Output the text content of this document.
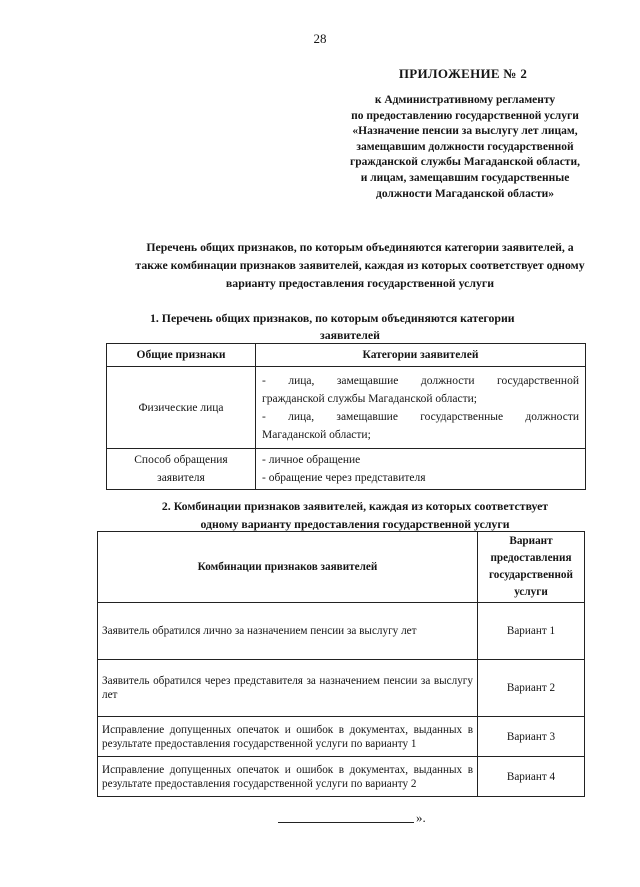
28
ПРИЛОЖЕНИЕ № 2
к Административному регламенту
по предоставлению государственной услуги
«Назначение пенсии за выслугу лет лицам,
замещавшим должности государственной
гражданской службы Магаданской области,
и лицам, замещавшим государственные
должности Магаданской области»
Перечень общих признаков, по которым объединяются категории заявителей, а
также комбинации признаков заявителей, каждая из которых соответствует одному
варианту предоставления государственной услуги
1. Перечень общих признаков, по которым объединяются категории
заявителей
Общие признаки	Категории заявителей
Физические лица	- лица, замещавшие должности государственной
гражданской службы Магаданской области;
- лица, замещавшие государственные должности
Магаданской области;

Способ обращения заявителя	- личное обращение
- обращение через представителя
2. Комбинации признаков заявителей, каждая из которых соответствует
одному варианту предоставления государственной услуги
Комбинации признаков заявителей	Вариант предоставления государственной услуги
Заявитель обратился лично за назначением пенсии за выслугу лет	Вариант 1
Заявитель обратился через представителя за назначением пенсии за выслугу лет	Вариант 2
Исправление допущенных опечаток и ошибок в документах, выданных в результате предоставления государственной услуги по варианту 1	Вариант 3
Исправление допущенных опечаток и ошибок в документах, выданных в результате предоставления государственной услуги по варианту 2	Вариант 4
».
